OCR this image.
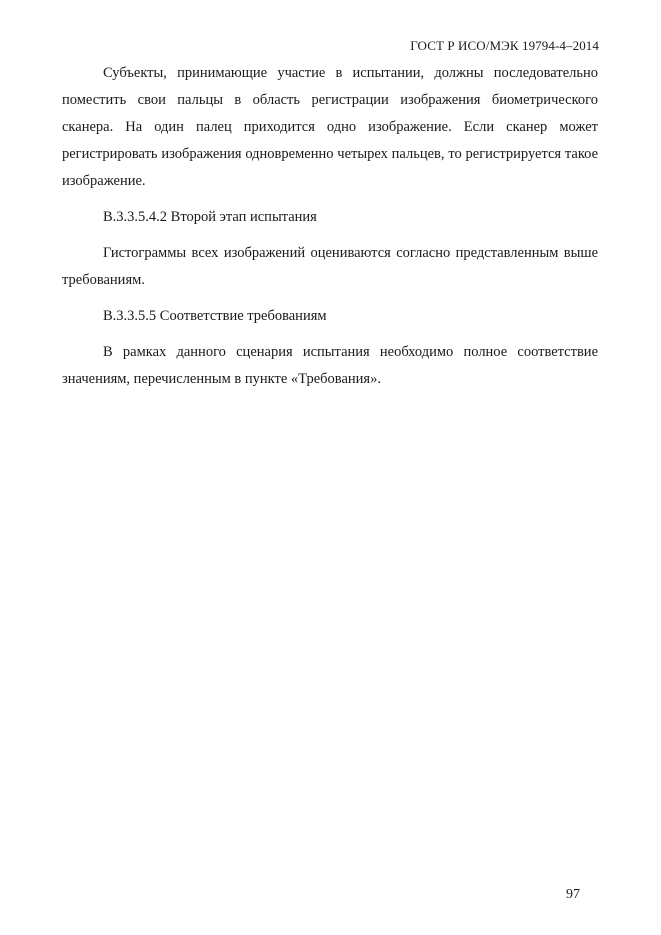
ГОСТ Р ИСО/МЭК 19794-4–2014

Субъекты, принимающие участие в испытании, должны последовательно поместить свои пальцы в область регистрации изображения биометрического сканера. На один палец приходится одно изображение. Если сканер может регистрировать изображения одновременно четырех пальцев, то регистрируется такое изображение.

B.3.3.5.4.2 Второй этап испытания

Гистограммы всех изображений оцениваются согласно представленным выше требованиям.

B.3.3.5.5 Соответствие требованиям

В рамках данного сценария испытания необходимо полное соответствие значениям, перечисленным в пункте «Требования».

97
